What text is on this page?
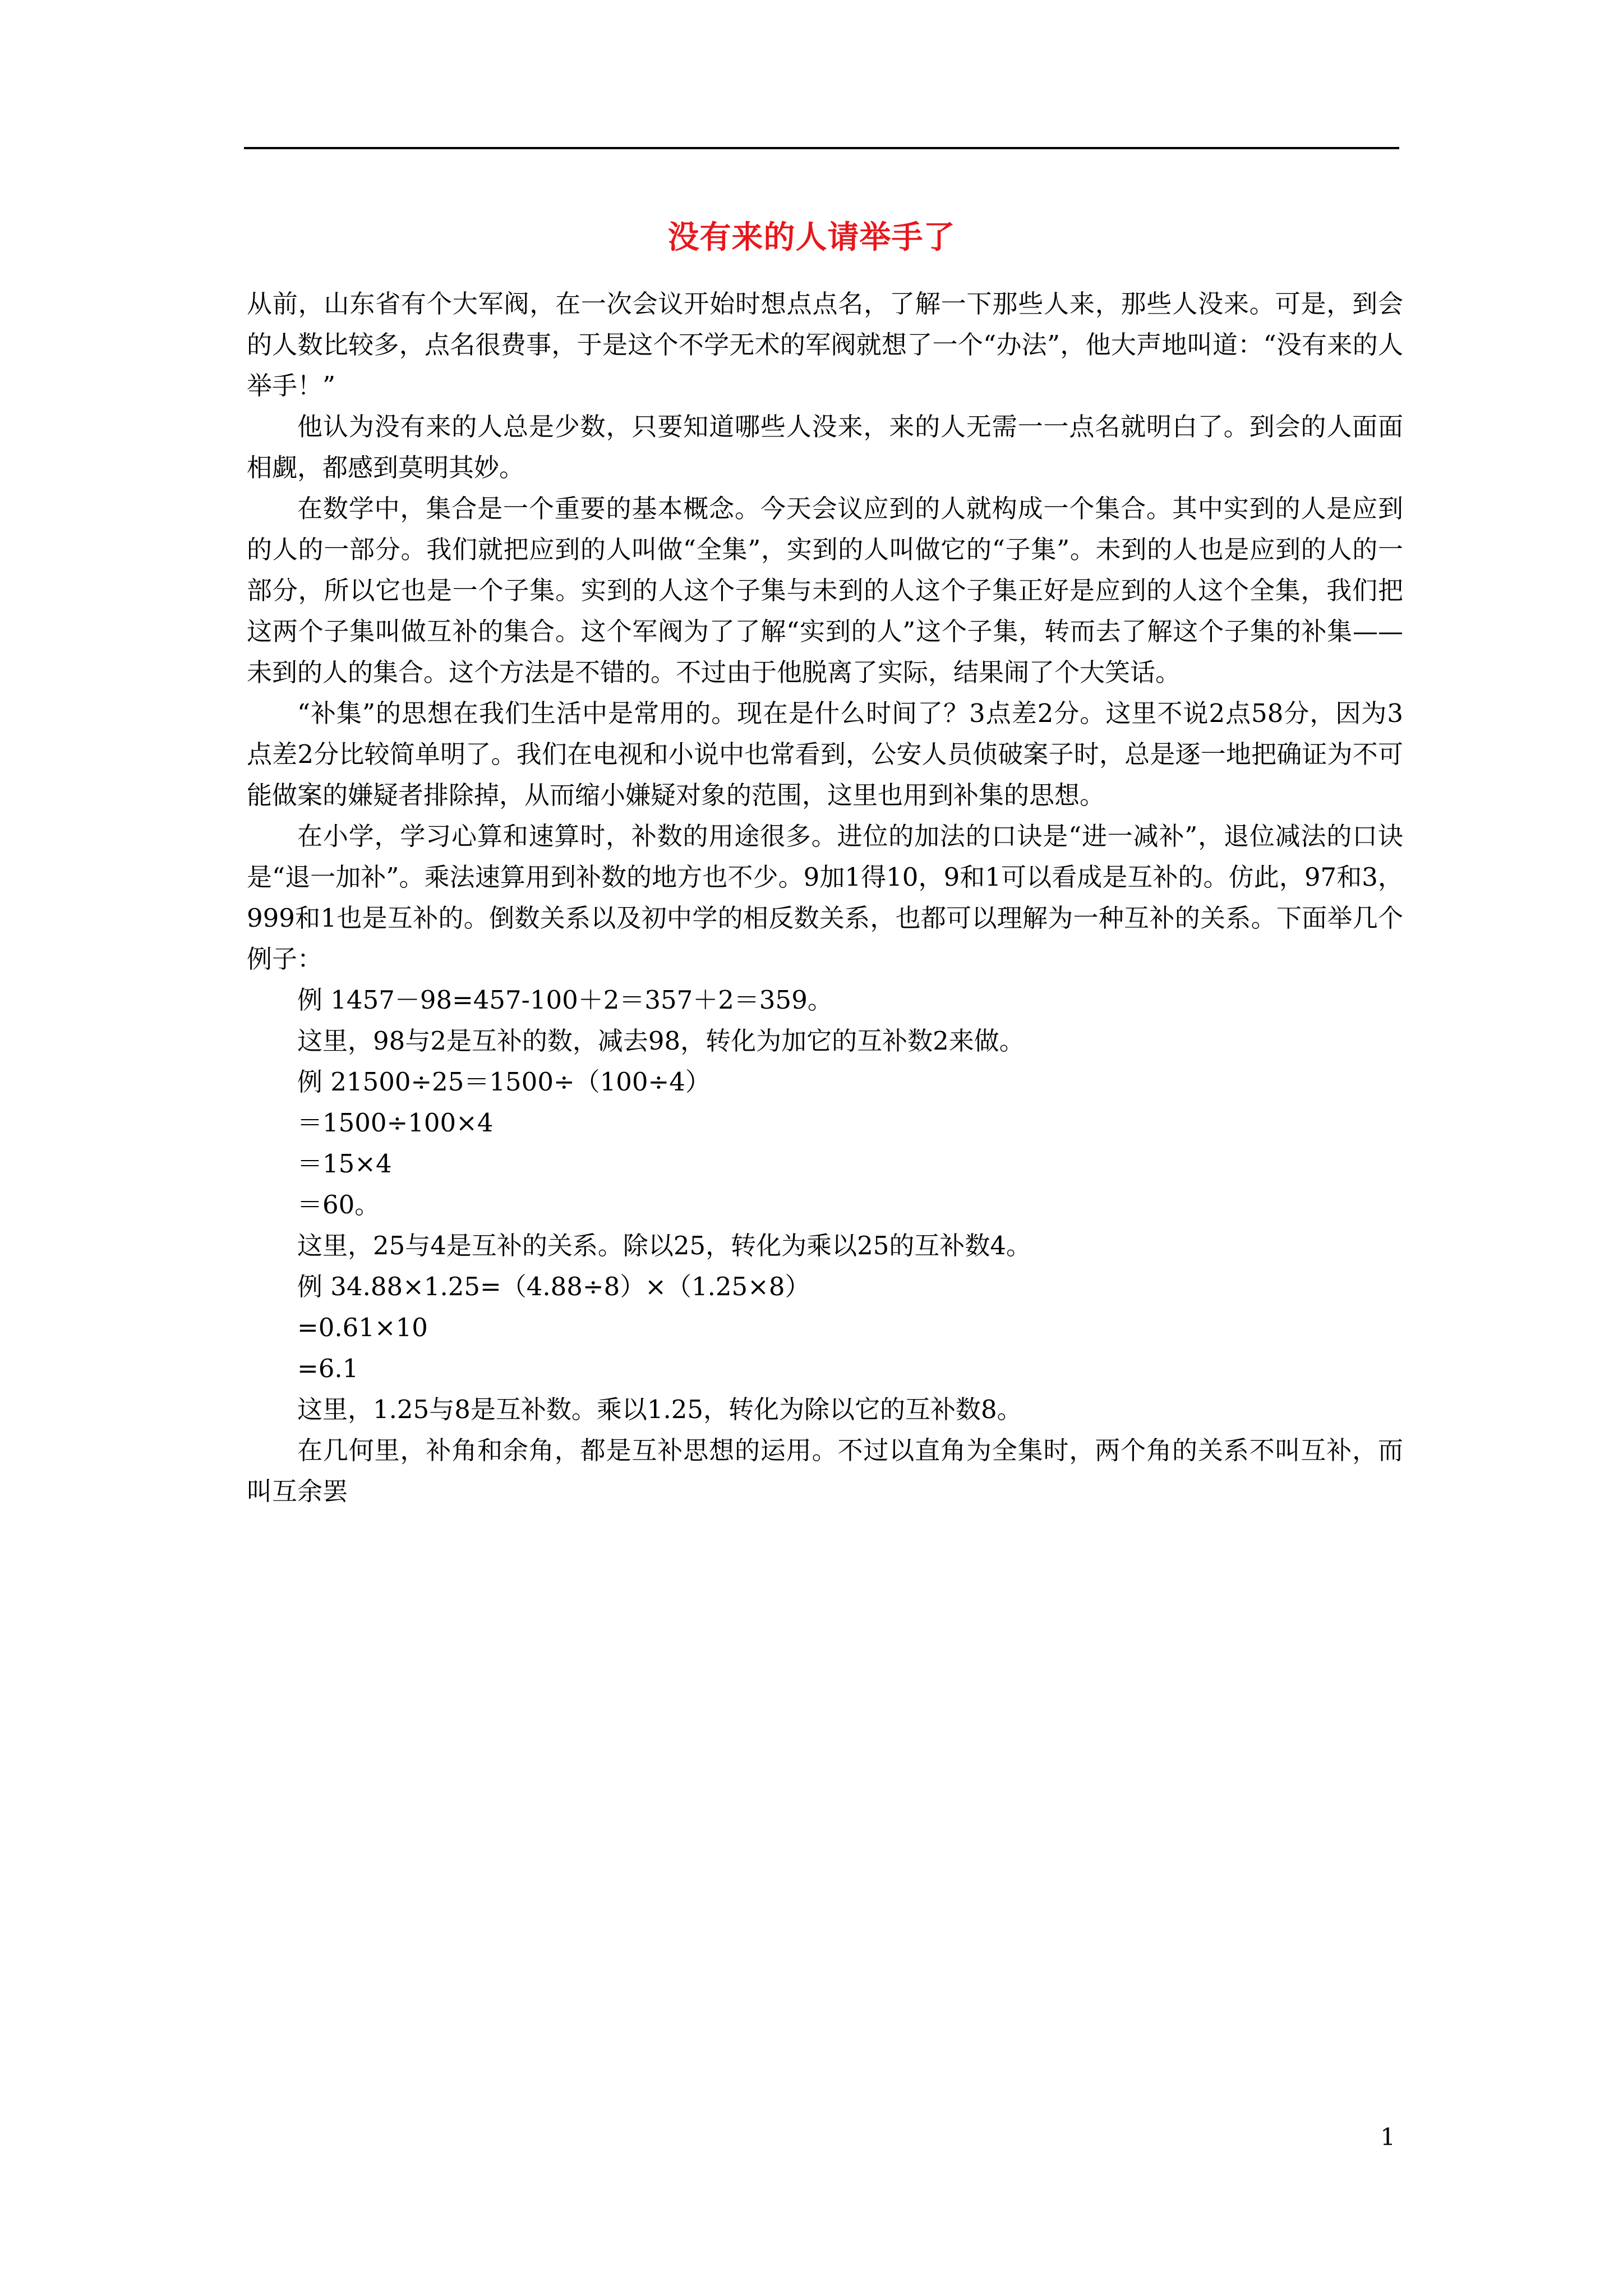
没有来的人请举手了

从前，山东省有个大军阀，在一次会议开始时想点点名，了解一下那些人来，那些人没来。可是，到会的人数比较多，点名很费事，于是这个不学无术的军阀就想了一个“办法”，他大声地叫道：“没有来的人举手！”

他认为没有来的人总是少数，只要知道哪些人没来，来的人无需一一点名就明白了。到会的人面面相觑，都感到莫明其妙。

在数学中，集合是一个重要的基本概念。今天会议应到的人就构成一个集合。其中实到的人是应到的人的一部分。我们就把应到的人叫做“全集”，实到的人叫做它的“子集”。未到的人也是应到的人的一部分，所以它也是一个子集。实到的人这个子集与未到的人这个子集正好是应到的人这个全集，我们把这两个子集叫做互补的集合。这个军阀为了了解“实到的人”这个子集，转而去了解这个子集的补集——未到的人的集合。这个方法是不错的。不过由于他脱离了实际，结果闹了个大笑话。

“补集”的思想在我们生活中是常用的。现在是什么时间了？3点差2分。这里不说2点58分，因为3点差2分比较简单明了。我们在电视和小说中也常看到，公安人员侦破案子时，总是逐一地把确证为不可能做案的嫌疑者排除掉，从而缩小嫌疑对象的范围，这里也用到补集的思想。

在小学，学习心算和速算时，补数的用途很多。进位的加法的口诀是“进一减补”，退位减法的口诀是“退一加补”。乘法速算用到补数的地方也不少。9加1得10，9和1可以看成是互补的。仿此，97和3，999和1也是互补的。倒数关系以及初中学的相反数关系，也都可以理解为一种互补的关系。下面举几个例子：

例 1457－98=457-100＋2＝357＋2＝359。

这里，98与2是互补的数，减去98，转化为加它的互补数2来做。

例 21500÷25＝1500÷（100÷4）

＝1500÷100×4

＝15×4

＝60。

这里，25与4是互补的关系。除以25，转化为乘以25的互补数4。

例 34.88×1.25=（4.88÷8）×（1.25×8）

=0.61×10

=6.1

这里，1.25与8是互补数。乘以1.25，转化为除以它的互补数8。

在几何里，补角和余角，都是互补思想的运用。不过以直角为全集时，两个角的关系不叫互补，而叫互余罢

1
